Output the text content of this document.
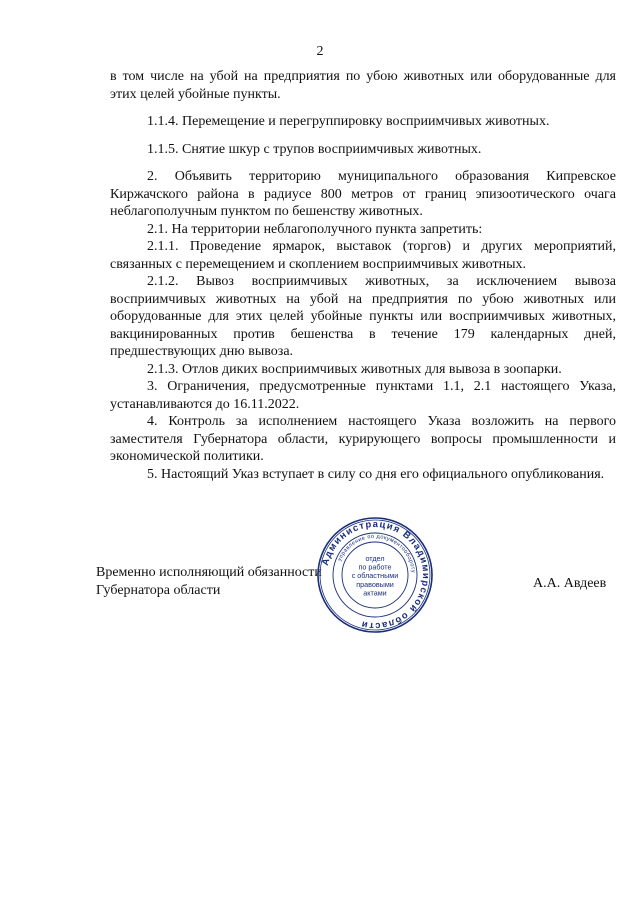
2

в том числе на убой на предприятия по убою животных или оборудованные для этих целей убойные пункты.

1.1.4. Перемещение и перегруппировку восприимчивых животных.

1.1.5. Снятие шкур с трупов восприимчивых животных.

2. Объявить территорию муниципального образования Кипревское Киржачского района в радиусе 800 метров от границ эпизоотического очага неблагополучным пунктом по бешенству животных.

2.1. На территории неблагополучного пункта запретить:

2.1.1. Проведение ярмарок, выставок (торгов) и других мероприятий, связанных с перемещением и скоплением восприимчивых животных.

2.1.2. Вывоз восприимчивых животных, за исключением вывоза восприимчивых животных на убой на предприятия по убою животных или оборудованные для этих целей убойные пункты или восприимчивых животных, вакцинированных против бешенства в течение 179 календарных дней, предшествующих дню вывоза.

2.1.3. Отлов диких восприимчивых животных для вывоза в зоопарки.

3. Ограничения, предусмотренные пунктами 1.1, 2.1 настоящего Указа, устанавливаются до 16.11.2022.

4. Контроль за исполнением настоящего Указа возложить на первого заместителя Губернатора области, курирующего вопросы промышленности и экономической политики.

5. Настоящий Указ вступает в силу со дня его официального опубликования.

Временно исполняющий обязанности
Губернатора области
Администрация Владимирской области
управление по документообороту
отдел
по работе
с областными
правовыми
актами
А.А. Авдеев
